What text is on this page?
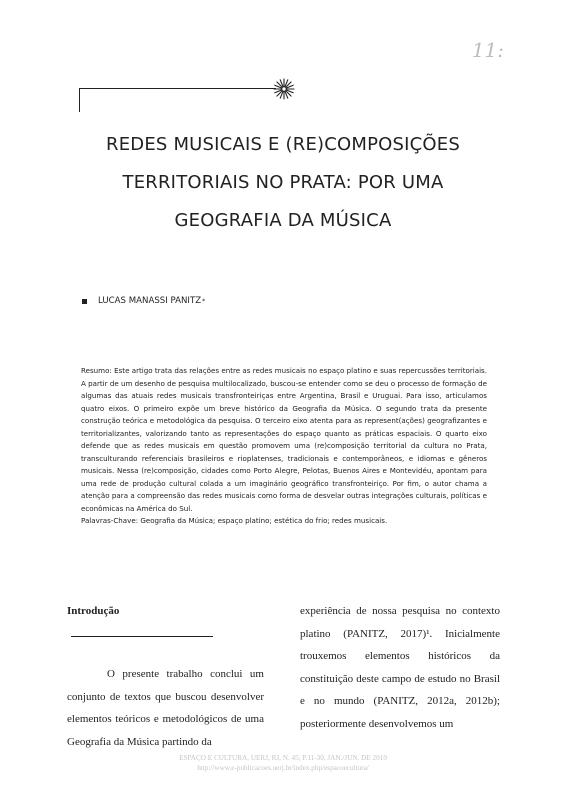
11:
REDES MUSICAIS E (RE)COMPOSIÇÕES
TERRITORIAIS NO PRATA: POR UMA
GEOGRAFIA DA MÚSICA
LUCAS MANASSI PANITZ *

Resumo: Este artigo trata das relações entre as redes musicais no espaço platino e suas repercussões territoriais. A partir de um desenho de pesquisa multilocalizado, buscou-se entender como se deu o processo de formação de algumas das atuais redes musicais transfronteiriças entre Argentina, Brasil e Uruguai. Para isso, articulamos quatro eixos. O primeiro expõe um breve histórico da Geografia da Música. O segundo trata da presente construção teórica e metodológica da pesquisa. O terceiro eixo atenta para as represent(ações) geografizantes e territorializantes, valorizando tanto as representações do espaço quanto as práticas espaciais. O quarto eixo defende que as redes musicais em questão promovem uma (re)composição territorial da cultura no Prata, transculturando referenciais brasileiros e rioplatenses, tradicionais e contemporâneos, e idiomas e gêneros musicais. Nessa (re)composição, cidades como Porto Alegre, Pelotas, Buenos Aires e Montevidéu, apontam para uma rede de produção cultural colada a um imaginário geográfico transfronteiriço. Por fim, o autor chama a atenção para a compreensão das redes musicais como forma de desvelar outras integrações culturais, políticas e econômicas na América do Sul.

Palavras-Chave: Geografia da Música; espaço platino; estética do frio; redes musicais.

Introdução

O presente trabalho conclui um conjunto de textos que buscou desenvolver elementos teóricos e metodológicos de uma Geografia da Música partindo da

experiência de nossa pesquisa no contexto platino (PANITZ, 2017)¹. Inicialmente trouxemos elementos históricos da constituição deste campo de estudo no Brasil e no mundo (PANITZ, 2012a, 2012b); posteriormente desenvolvemos um

ESPAÇO E CULTURA, UERJ, RJ, N. 45, P.11-30, JAN./JUN. DE 2019
http://www.e-publicacoes.uerj.br/index.php/espacoecultura/
